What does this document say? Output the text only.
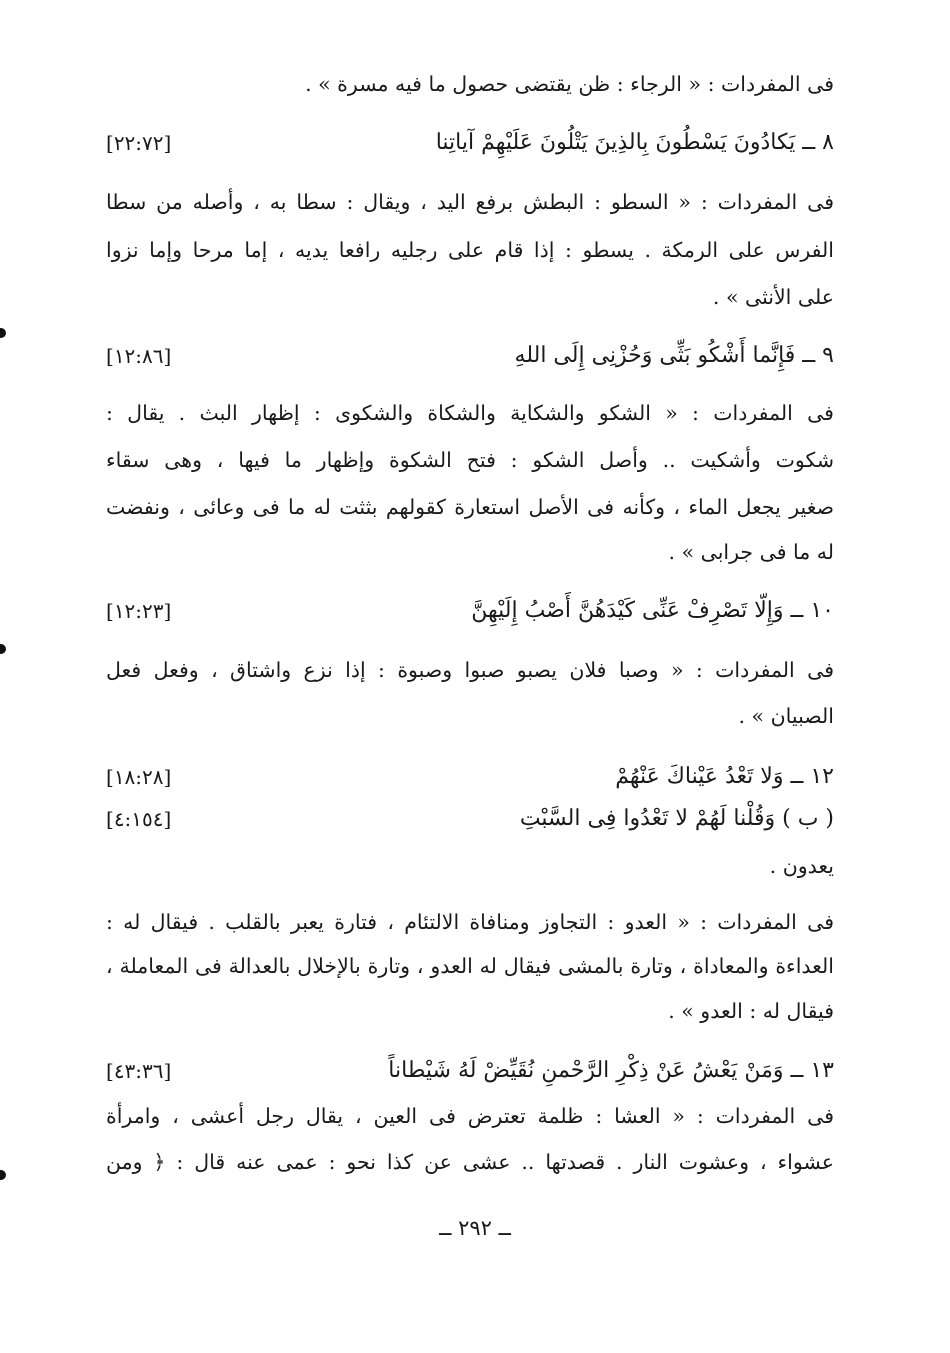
فى المفردات : « الرجاء : ظن يقتضى حصول ما فيه مسرة » .
٨ ــ يَكادُونَ يَسْطُونَ بِالذِينَ يَتْلُونَ عَلَيْهِمْ آياتِنا
[٢٢:٧٢]
فى المفردات : « السطو : البطش برفع اليد ، ويقال : سطا به ، وأصله من سطا
الفرس على الرمكة . يسطو : إذا قام على رجليه رافعا يديه ، إما مرحا وإما نزوا
على الأنثى » .
٩ ــ فَإِنَّما أَشْكُو بَثِّى وَحُزْنِى إِلَى اللهِ
[١٢:٨٦]
فى المفردات : « الشكو والشكاية والشكاة والشكوى : إظهار البث . يقال :
شكوت وأشكيت .. وأصل الشكو : فتح الشكوة وإظهار ما فيها ، وهى سقاء
صغير يجعل الماء ، وكأنه فى الأصل استعارة كقولهم بثثت له ما فى وعائى ، ونفضت
له ما فى جرابى » .
١٠ ــ وَإِلّا تَصْرِفْ عَنِّى كَيْدَهُنَّ أَصْبُ إِلَيْهِنَّ
[١٢:٢٣]
فى المفردات : « وصبا فلان يصبو صبوا وصبوة : إذا نزع واشتاق ، وفعل فعل
الصبيان » .
١٢ ــ وَلا تَعْدُ عَيْناكَ عَنْهُمْ
[١٨:٢٨]
( ب ) وَقُلْنا لَهُمْ لا تَعْدُوا فِى السَّبْتِ
[٤:١٥٤]
يعدون .
فى المفردات : « العدو : التجاوز ومنافاة الالتئام ، فتارة يعبر بالقلب . فيقال له :
العداءة والمعاداة ، وتارة بالمشى فيقال له العدو ، وتارة بالإخلال بالعدالة فى المعاملة ،
فيقال له : العدو » .
١٣ ــ وَمَنْ يَعْشُ عَنْ ذِكْرِ الرَّحْمنِ نُقَيِّضْ لَهُ شَيْطاناً
[٤٣:٣٦]
فى المفردات : « العشا : ظلمة تعترض فى العين ، يقال رجل أعشى ، وامرأة
عشواء ، وعشوت النار . قصدتها .. عشى عن كذا نحو : عمى عنه قال : ﴿ ومن
ــ ٢٩٢ ــ
